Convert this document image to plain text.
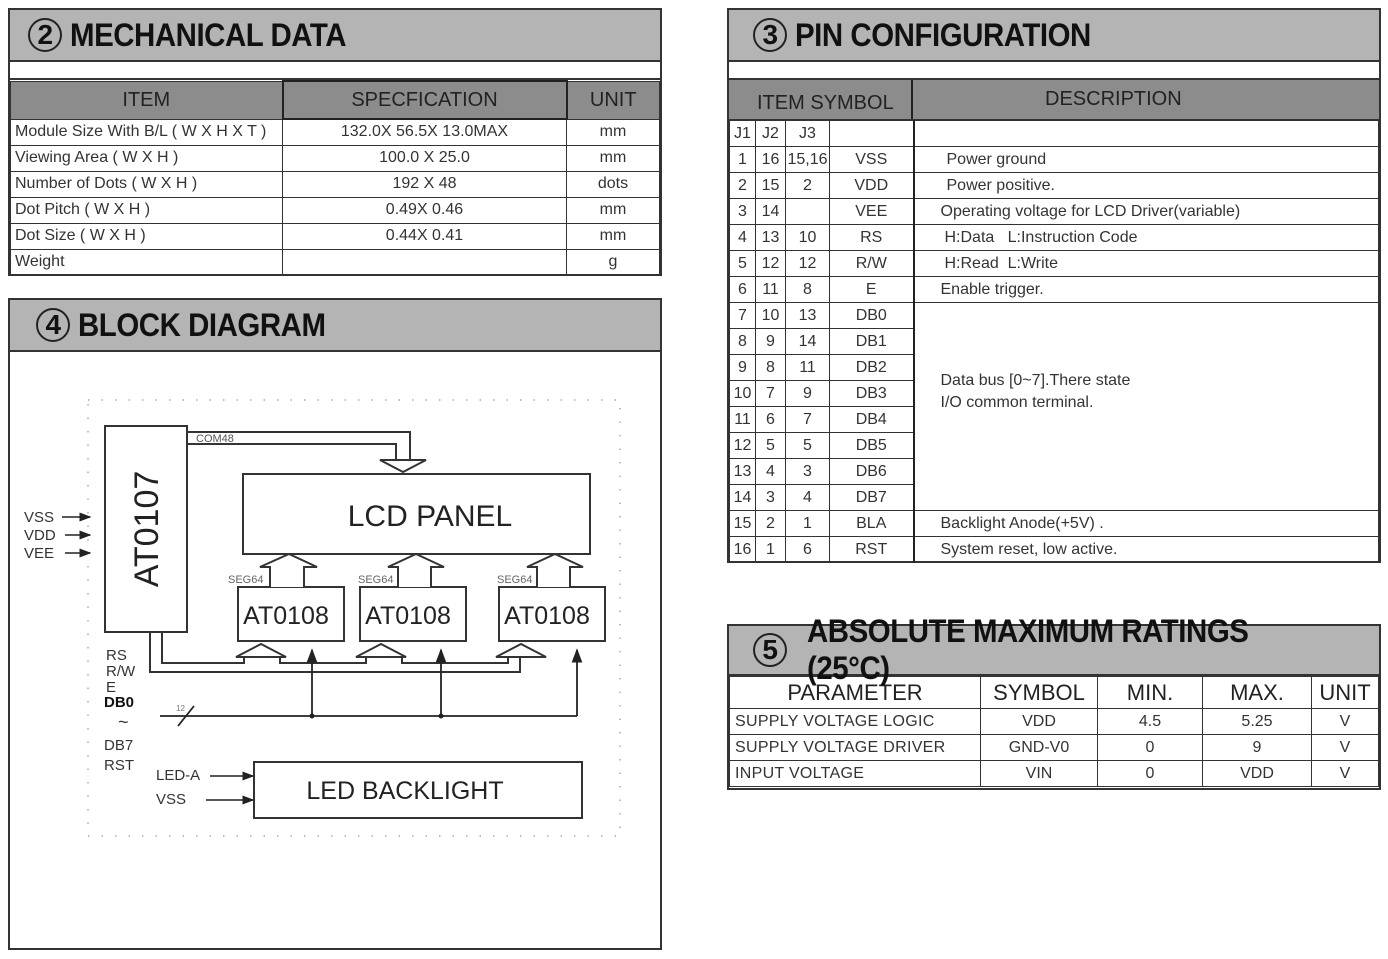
2 MECHANICAL DATA
ITEM	SPECFICATION	UNIT
Module Size With B/L ( W X H X T )	132.0X 56.5X 13.0MAX	mm
Viewing Area ( W X H )	100.0 X 25.0	mm
Number of Dots ( W X H )	192 X 48	dots
Dot Pitch ( W X H )	0.49X 0.46	mm
Dot Size ( W X H )	0.44X 0.41	mm
Weight		g
4 BLOCK DIAGRAM
AT0107
COM48
LCD PANEL
VSS
VDD
VEE
AT0108
SEG64
AT0108
SEG64
AT0108
SEG64
12
RS
R/W
E
DB0
~
DB7
RST
LED BACKLIGHT
LED-A
VSS
3 PIN CONFIGURATION
ITEM SYMBOL	DESCRIPTION
J1	J2	J3		
1	16	15,16	VSS	Power ground
2	15	2	VDD	Power positive.
3	14		VEE	Operating voltage for LCD Driver(variable)
4	13	10	RS	H:Data   L:Instruction Code
5	12	12	R/W	H:Read  L:Write
6	11	8	E	Enable trigger.
7	10	13	DB0	Data bus [0~7].There state
I/O common terminal.

8	9	14	DB1	
9	8	11	DB2	
10	7	9	DB3	
11	6	7	DB4	
12	5	5	DB5	
13	4	3	DB6	
14	3	4	DB7	
15	2	1	BLA	Backlight Anode(+5V) .
16	1	6	RST	System reset, low active.
5
ABSOLUTE MAXIMUM RATINGS (25°C)
PARAMETER	SYMBOL	MIN.	MAX.	UNIT
SUPPLY VOLTAGE LOGIC	VDD	4.5	5.25	V
SUPPLY VOLTAGE DRIVER	GND-V0	0	9	V
INPUT VOLTAGE	VIN	0	VDD	V
